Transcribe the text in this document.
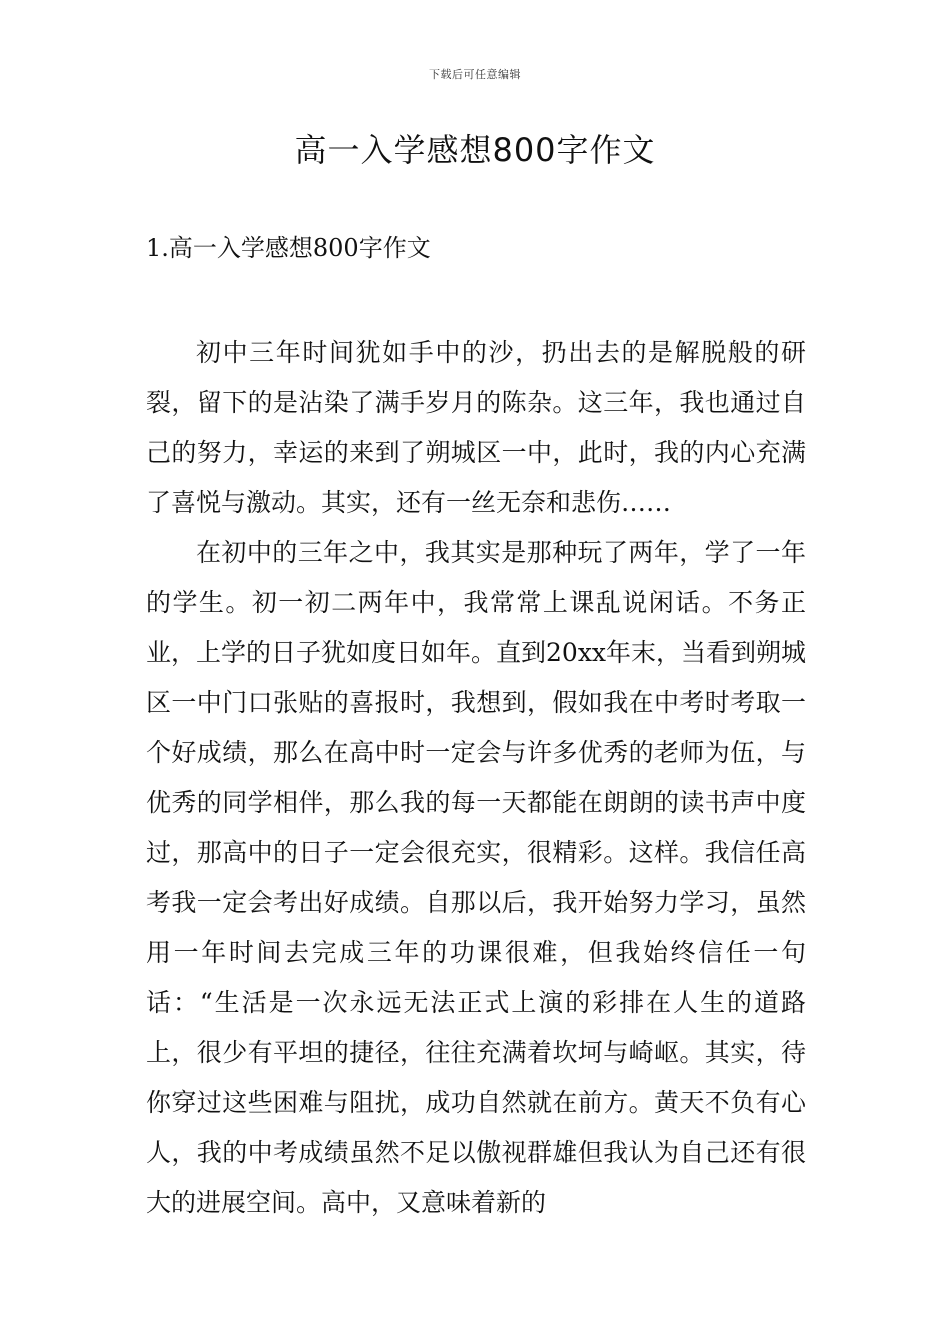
下载后可任意编辑
高一入学感想800字作文
1.高一入学感想800字作文

初中三年时间犹如手中的沙，扔出去的是解脱般的研裂，留下的是沾染了满手岁月的陈杂。这三年，我也通过自己的努力，幸运的来到了朔城区一中，此时，我的内心充满了喜悦与激动。其实，还有一丝无奈和悲伤……

在初中的三年之中，我其实是那种玩了两年，学了一年的学生。初一初二两年中，我常常上课乱说闲话。不务正业，上学的日子犹如度日如年。直到20xx年末，当看到朔城区一中门口张贴的喜报时，我想到，假如我在中考时考取一个好成绩，那么在高中时一定会与许多优秀的老师为伍，与优秀的同学相伴，那么我的每一天都能在朗朗的读书声中度过，那高中的日子一定会很充实，很精彩。这样。我信任高考我一定会考出好成绩。自那以后，我开始努力学习，虽然用一年时间去完成三年的功课很难，但我始终信任一句话：“生活是一次永远无法正式上演的彩排在人生的道路上，很少有平坦的捷径，往往充满着坎坷与崎岖。其实，待你穿过这些困难与阻扰，成功自然就在前方。黄天不负有心人，我的中考成绩虽然不足以傲视群雄但我认为自己还有很大的进展空间。高中，又意味着新的
